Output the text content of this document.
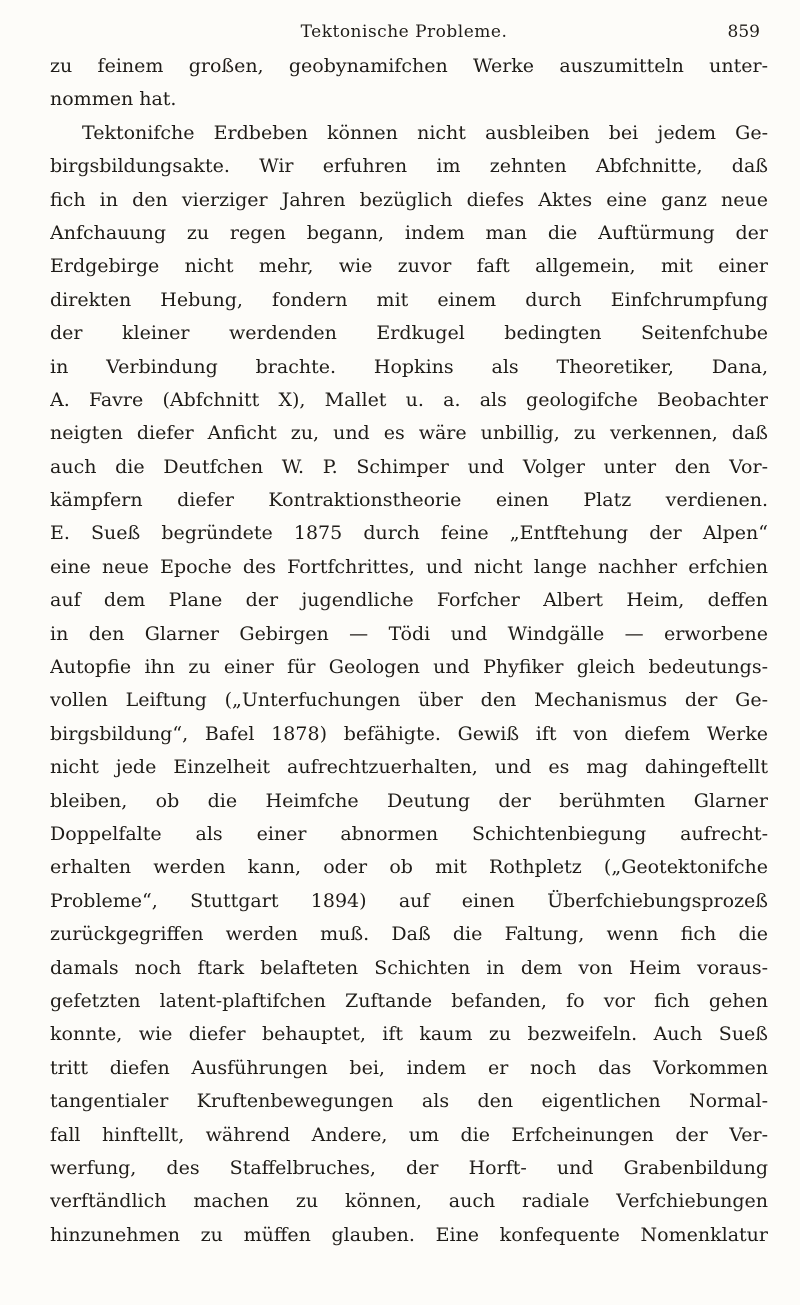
Tektonische Probleme.	859
zu feinem großen, geobynamifchen Werke auszumitteln unter-
nommen hat.
Tektonifche Erdbeben können nicht ausbleiben bei jedem Ge-
birgsbildungsakte. Wir erfuhren im zehnten Abfchnitte, daß
fich in den vierziger Jahren bezüglich diefes Aktes eine ganz neue
Anfchauung zu regen begann, indem man die Auftürmung der
Erdgebirge nicht mehr, wie zuvor faft allgemein, mit einer
direkten Hebung, fondern mit einem durch Einfchrumpfung
der kleiner werdenden Erdkugel bedingten Seitenfchube
in Verbindung brachte. Hopkins als Theoretiker, Dana,
A. Favre (Abfchnitt X), Mallet u. a. als geologifche Beobachter
neigten diefer Anficht zu, und es wäre unbillig, zu verkennen, daß
auch die Deutfchen W. P. Schimper und Volger unter den Vor-
kämpfern diefer Kontraktionstheorie einen Platz verdienen.
E. Sueß begründete 1875 durch feine „Entftehung der Alpen“
eine neue Epoche des Fortfchrittes, und nicht lange nachher erfchien
auf dem Plane der jugendliche Forfcher Albert Heim, deffen
in den Glarner Gebirgen — Tödi und Windgälle — erworbene
Autopfie ihn zu einer für Geologen und Phyfiker gleich bedeutungs-
vollen Leiftung („Unterfuchungen über den Mechanismus der Ge-
birgsbildung“, Bafel 1878) befähigte. Gewiß ift von diefem Werke
nicht jede Einzelheit aufrechtzuerhalten, und es mag dahingeftellt
bleiben, ob die Heimfche Deutung der berühmten Glarner
Doppelfalte als einer abnormen Schichtenbiegung aufrecht-
erhalten werden kann, oder ob mit Rothpletz („Geotektonifche
Probleme“, Stuttgart 1894) auf einen Überfchiebungsprozeß
zurückgegriffen werden muß. Daß die Faltung, wenn fich die
damals noch ftark belafteten Schichten in dem von Heim voraus-
gefetzten latent-plaftifchen Zuftande befanden, fo vor fich gehen
konnte, wie diefer behauptet, ift kaum zu bezweifeln. Auch Sueß
tritt diefen Ausführungen bei, indem er noch das Vorkommen
tangentialer Kruftenbewegungen als den eigentlichen Normal-
fall hinftellt, während Andere, um die Erfcheinungen der Ver-
werfung, des Staffelbruches, der Horft- und Grabenbildung
verftändlich machen zu können, auch radiale Verfchiebungen
hinzunehmen zu müffen glauben. Eine konfequente Nomenklatur
